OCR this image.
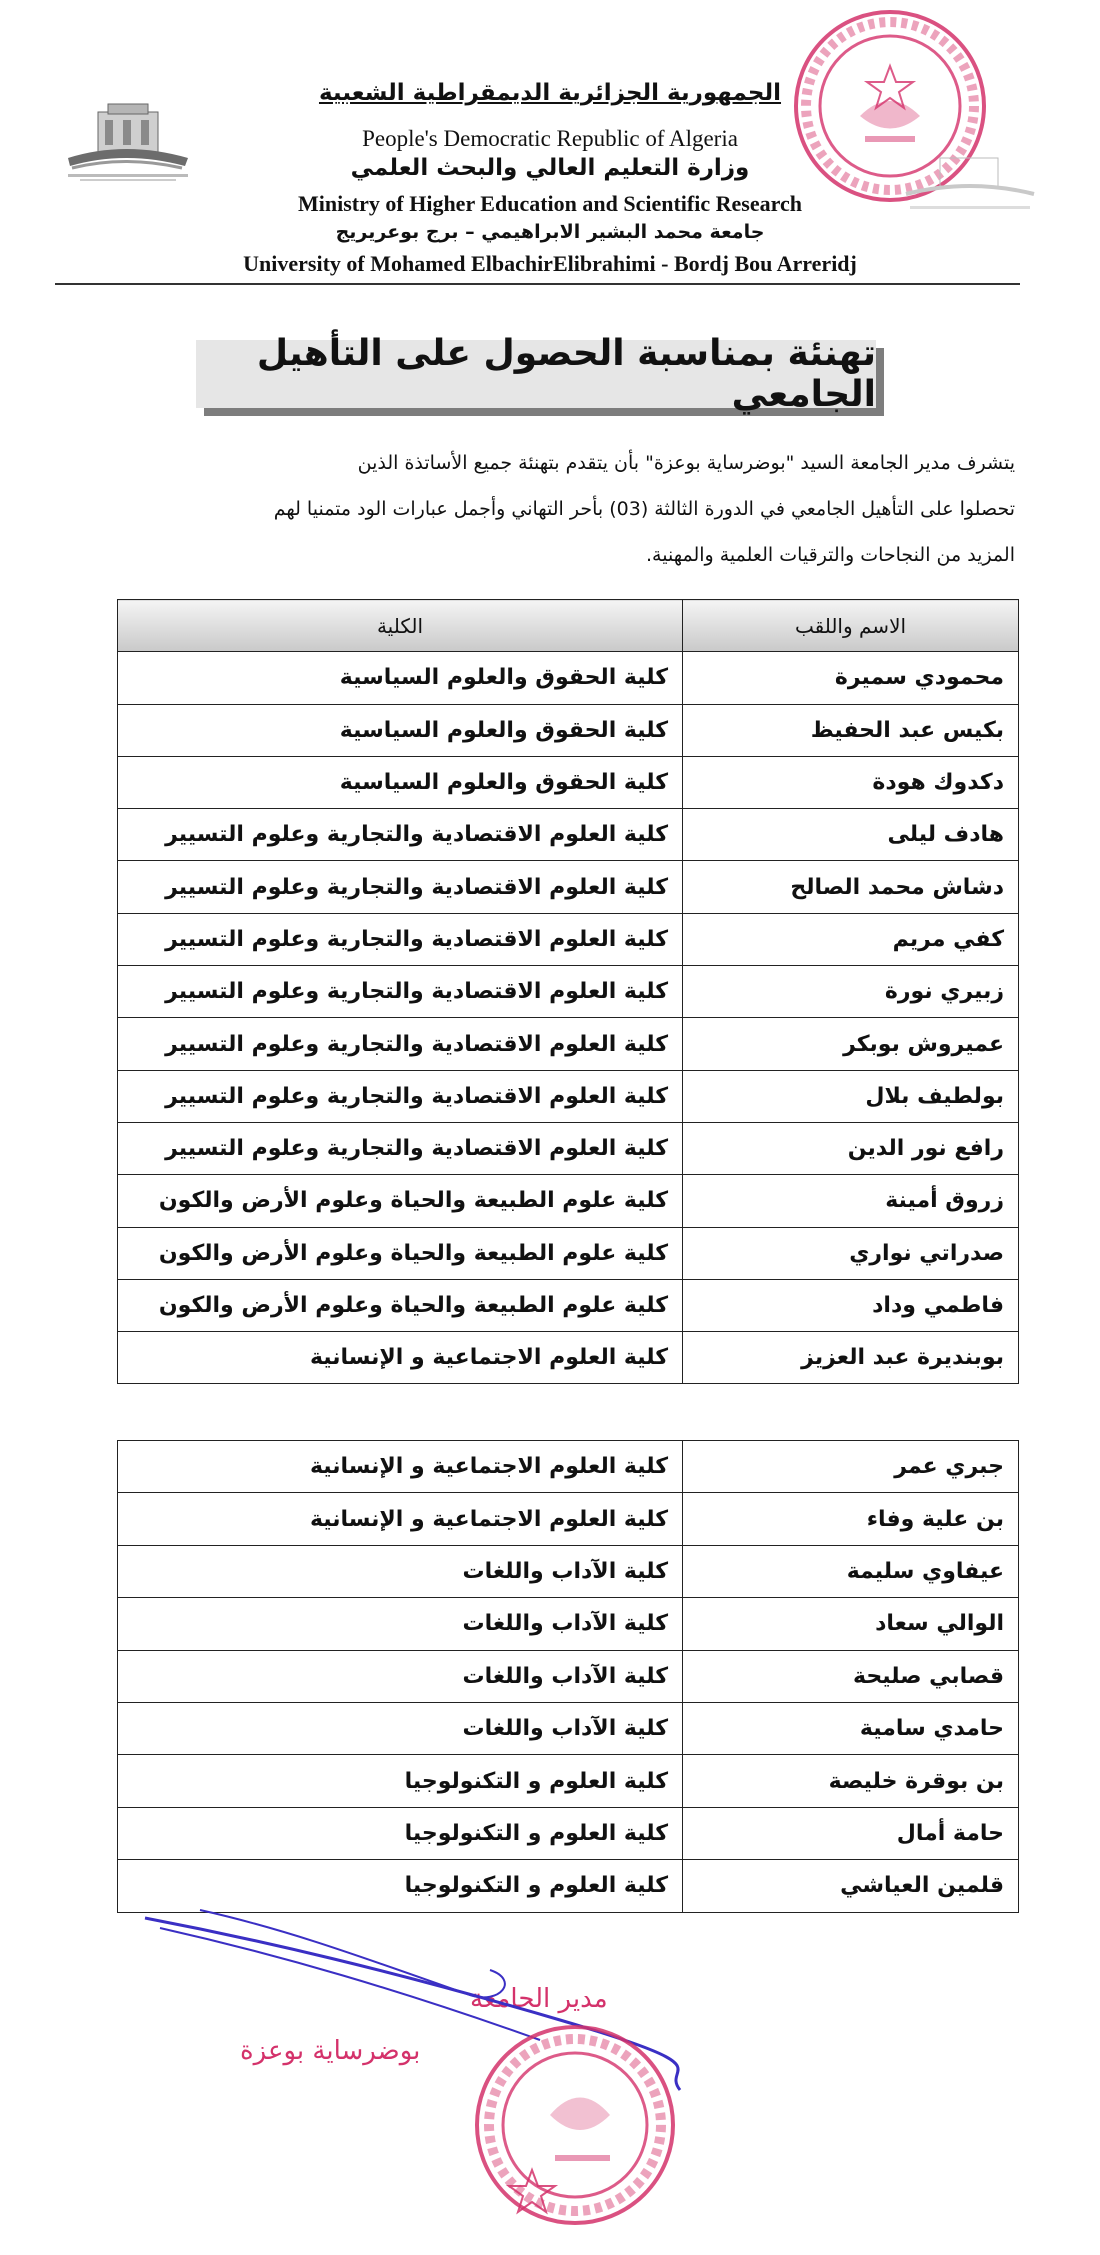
الجمهورية الجزائرية الديمقراطية الشعبية
People's Democratic Republic of Algeria
وزارة التعليم العالي والبحث العلمي
Ministry of Higher Education and Scientific Research
جامعة محمد البشير الابراهيمي – برج بوعريريج
University of Mohamed ElbachirElibrahimi - Bordj Bou Arreridj
تهنئة بمناسبة الحصول على التأهيل الجامعي
يتشرف مدير الجامعة السيد "بوضرساية بوعزة" بأن يتقدم بتهنئة جميع الأساتذة الذين
تحصلوا على التأهيل الجامعي في الدورة الثالثة (03) بأحر التهاني وأجمل عبارات الود متمنيا لهم
المزيد من النجاحات والترقيات العلمية والمهنية.
الاسم واللقب	الكلية
محمودي سميرة	كلية الحقوق والعلوم السياسية
بكيس عبد الحفيظ	كلية الحقوق والعلوم السياسية
دكدوك هودة	كلية الحقوق والعلوم السياسية
هادف ليلى	كلية العلوم الاقتصادية والتجارية وعلوم التسيير
دشاش محمد الصالح	كلية العلوم الاقتصادية والتجارية وعلوم التسيير
كفي مريم	كلية العلوم الاقتصادية والتجارية وعلوم التسيير
زبيري نورة	كلية العلوم الاقتصادية والتجارية وعلوم التسيير
عميروش بوبكر	كلية العلوم الاقتصادية والتجارية وعلوم التسيير
بولطيف بلال	كلية العلوم الاقتصادية والتجارية وعلوم التسيير
رافع نور الدين	كلية العلوم الاقتصادية والتجارية وعلوم التسيير
زروق أمينة	كلية علوم الطبيعة والحياة وعلوم الأرض والكون
صدراتي نواري	كلية علوم الطبيعة والحياة وعلوم الأرض والكون
فاطمي وداد	كلية علوم الطبيعة والحياة وعلوم الأرض والكون
بوبنديرة عبد العزيز	كلية العلوم الاجتماعية و الإنسانية
جبري عمر	كلية العلوم الاجتماعية و الإنسانية
بن علية وفاء	كلية العلوم الاجتماعية و الإنسانية
عيفاوي سليمة	كلية الآداب واللغات
الوالي سعاد	كلية الآداب واللغات
قصابي صليحة	كلية الآداب واللغات
حامدي سامية	كلية الآداب واللغات
بن بوقرة خليصة	كلية العلوم و التكنولوجيا
حامة أمال	كلية العلوم و التكنولوجيا
قلمين العياشي	كلية العلوم و التكنولوجيا
مدير الجامعة
بوضرساية بوعزة
